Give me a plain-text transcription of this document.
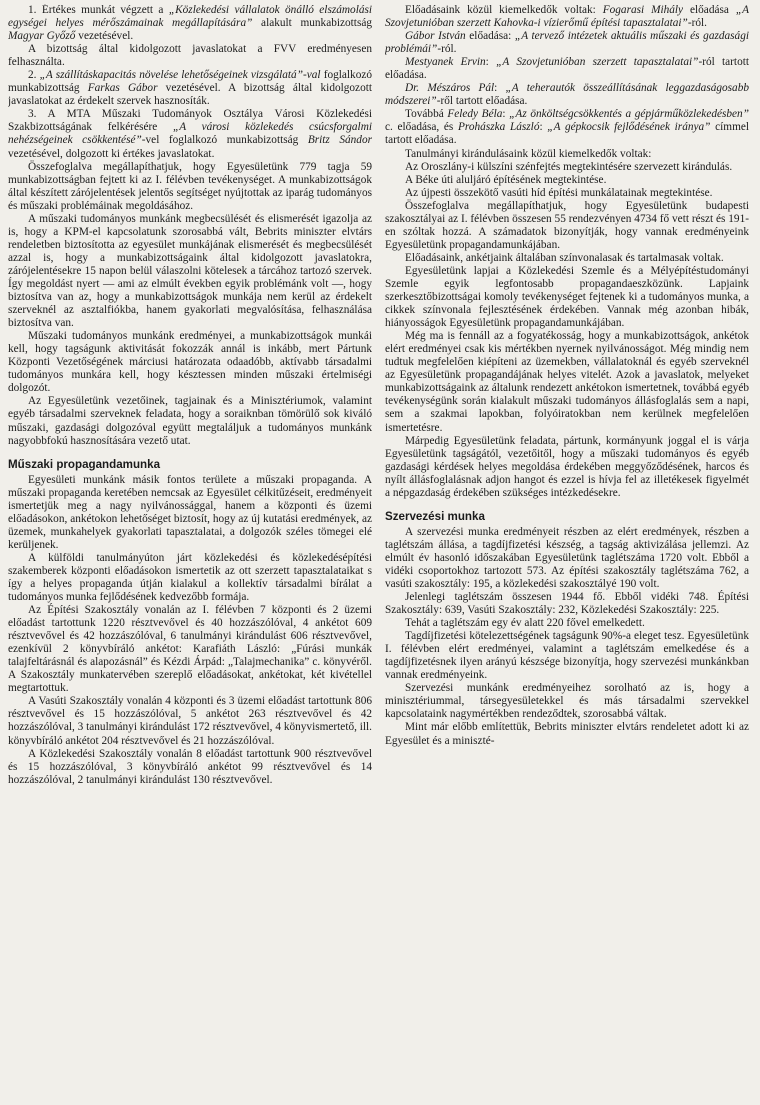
1. Értékes munkát végzett a „Közlekedési vállalatok önálló elszámolási egységei helyes mérőszámainak megállapítására” alakult munkabizottság Magyar Győző vezetésével.

A bizottság által kidolgozott javaslatokat a FVV eredményesen felhasználta.

2. „A szállításkapacitás növelése lehetőségeinek vizsgálatá”-val foglalkozó munkabizottság Farkas Gábor vezetésével. A bizottság által kidolgozott javaslatokat az érdekelt szervek hasznosíták.

3. A MTA Műszaki Tudományok Osztálya Városi Közlekedési Szakbizottságának felkérésére „A városi közlekedés csúcsforgalmi nehézségeinek csökkentésé”-vel foglalkozó munkabizottság Britz Sándor vezetésével, dolgozott ki értékes javaslatokat.

Összefoglalva megállapíthatjuk, hogy Egyesületünk 779 tagja 59 munkabizottságban fejtett ki az I. félévben tevékenységet. A munkabizottságok által készített zárójelentések jelentős segítséget nyújtottak az iparág tudományos és műszaki problémáinak megoldásához.

A műszaki tudományos munkánk megbecsülését és elismerését igazolja az is, hogy a KPM-el kapcsolatunk szorosabbá vált, Bebrits miniszter elvtárs rendeletben biztosította az egyesület munkájának elismerését és megbecsülését azzal is, hogy a munkabizottságaink által kidolgozott javaslatokra, zárójelentésekre 15 napon belül válaszolni kötelesek a tárcához tartozó szervek. Így megoldást nyert — ami az elmúlt években egyik problémánk volt —, hogy biztosítva van az, hogy a munkabizottságok munkája nem kerül az érdekelt szerveknél az asztalfiókba, hanem gyakorlati megvalósítása, felhasználása biztosítva van.

Műszaki tudományos munkánk eredményei, a munkabizottságok munkái kell, hogy tagságunk aktivitását fokozzák annál is inkább, mert Pártunk Központi Vezetőségének márciusi határozata odaadóbb, aktívabb társadalmi tudományos munkára kell, hogy késztessen minden műszaki értelmiségi dolgozót.

Az Egyesületünk vezetőinek, tagjainak és a Minisztériumok, valamint egyéb társadalmi szerveknek feladata, hogy a soraiknban tömörülő sok kiváló műszaki, gazdasági dolgozóval együtt megtaláljuk a tudományos munkánk nagyobbfokú hasznosítására vezető utat.

Műszaki propagandamunka

Egyesületi munkánk másik fontos területe a műszaki propaganda. A műszaki propaganda keretében nemcsak az Egyesület célkitűzéseit, eredményeit ismertetjük meg a nagy nyilvánossággal, hanem a központi és üzemi előadásokon, ankétokon lehetőséget biztosít, hogy az új kutatási eredmények, az üzemek, munkahelyek gyakorlati tapasztalatai, a dolgozók széles tömegei elé kerüljenek.

A külföldi tanulmányúton járt közlekedési és közlekedésépítési szakemberek központi előadásokon ismertetik az ott szerzett tapasztalataikat s így a helyes propaganda útján kialakul a kollektív társadalmi bírálat a tudományos munka fejlődésének kedvezőbb formája.

Az Építési Szakosztály vonalán az I. félévben 7 központi és 2 üzemi előadást tartottunk 1220 résztvevővel és 40 hozzászólóval, 4 ankétot 609 résztvevővel és 42 hozzászólóval, 6 tanulmányi kirándulást 606 résztvevővel, ezenkívül 2 könyvbíráló ankétot: Karafiáth László: „Fúrási munkák talajfeltárásnál és alapozásnál” és Kézdi Árpád: „Talajmechanika” c. könyvéről. A Szakosztály munkatervében szereplő előadásokat, ankétokat, két kivétellel megtartottuk.

A Vasúti Szakosztály vonalán 4 központi és 3 üzemi előadást tartottunk 806 résztvevővel és 15 hozzászólóval, 5 ankétot 263 résztvevővel és 42 hozzászólóval, 3 tanulmányi kirándulást 172 résztvevővel, 4 könyvismertető, ill. könyvbíráló ankétot 204 résztvevővel és 21 hozzászólóval.

A Közlekedési Szakosztály vonalán 8 előadást tartottunk 900 résztvevővel és 15 hozzászólóval, 3 könyvbíráló ankétot 99 résztvevővel és 14 hozzászólóval, 2 tanulmányi kirándulást 130 résztvevővel.

Előadásaink közül kiemelkedők voltak: Fogarasi Mihály előadása „A Szovjetunióban szerzett Kahovka-i vízierőmű építési tapasztalatai”-ról.

Gábor István előadása: „A tervező intézetek aktuális műszaki és gazdasági problémái”-ról.

Mestyanek Ervin: „A Szovjetunióban szerzett tapasztalatai”-ról tartott előadása.

Dr. Mészáros Pál: „A teherautók összeállításának leggazdaságosabb módszerei”-ről tartott előadása.

Továbbá Feledy Béla: „Az önköltségcsökkentés a gépjárműközlekedésben” c. előadása, és Prohászka László: „A gépkocsik fejlődésének iránya” címmel tartott előadása.

Tanulmányi kirándulásaink közül kiemelkedők voltak:

Az Oroszlány-i külszíni szénfejtés megtekintésére szervezett kirándulás.

A Béke úti aluljáró építésének megtekintése.

Az újpesti összekötő vasúti híd építési munkálatainak megtekintése.

Összefoglalva megállapíthatjuk, hogy Egyesületünk budapesti szakosztályai az I. félévben összesen 55 rendezvényen 4734 fő vett részt és 191-en szóltak hozzá. A számadatok bizonyítják, hogy vannak eredményeink Egyesületünk propagandamunkájában.

Előadásaink, ankétjaink általában színvonalasak és tartalmasak voltak.

Egyesületünk lapjai a Közlekedési Szemle és a Mélyépítéstudományi Szemle egyik legfontosabb propagandaeszközünk. Lapjaink szerkesztőbizottságai komoly tevékenységet fejtenek ki a tudományos munka, a cikkek színvonala fejlesztésének érdekében. Vannak még azonban hibák, hiányosságok Egyesületünk propagandamunkájában.

Még ma is fennáll az a fogyatékosság, hogy a munkabizottságok, ankétok elért eredményei csak kis mértékben nyernek nyilvánosságot. Még mindig nem tudtuk megfelelően kiépíteni az üzemekben, vállalatoknál és egyéb szerveknél az Egyesületünk propagandájának helyes vitelét. Azok a javaslatok, melyeket munkabizottságaink az általunk rendezett ankétokon ismertetnek, továbbá egyéb tevékenységünk során kialakult műszaki tudományos állásfoglalás sem a napi, sem a szakmai lapokban, folyóiratokban nem kerülnek megfelelően ismertetésre.

Márpedig Egyesületünk feladata, pártunk, kormányunk joggal el is várja Egyesületünk tagságától, vezetőitől, hogy a műszaki tudományos és egyéb gazdasági kérdések helyes megoldása érdekében meggyőződésének, harcos és nyílt állásfoglalásnak adjon hangot és ezzel is hívja fel az illetékesek figyelmét a népgazdaság érdekében szükséges intézkedésekre.

Szervezési munka

A szervezési munka eredményeit részben az elért eredmények, részben a taglétszám állása, a tagdíjfizetési készség, a tagság aktivizálása jellemzi. Az elmúlt év hasonló időszakában Egyesületünk taglétszáma 1720 volt. Ebből a vidéki csoportokhoz tartozott 573. Az építési szakosztály taglétszáma 762, a vasúti szakosztály: 195, a közlekedési szakosztályé 190 volt.

Jelenlegi taglétszám összesen 1944 fő. Ebből vidéki 748. Építési Szakosztály: 639, Vasúti Szakosztály: 232, Közlekedési Szakosztály: 225.

Tehát a taglétszám egy év alatt 220 fővel emelkedett.

Tagdíjfizetési kötelezettségének tagságunk 90%-a eleget tesz. Egyesületünk I. félévben elért eredményei, valamint a taglétszám emelkedése és a tagdíjfizetésnek ilyen arányú készsége bizonyítja, hogy szervezési munkánkban vannak eredményeink.

Szervezési munkánk eredményeihez sorolható az is, hogy a minisztériummal, társegyesületekkel és más társadalmi szervekkel kapcsolataink nagymértékben rendeződtek, szorosabbá váltak.

Mint már előbb említettük, Bebrits miniszter elvtárs rendeletet adott ki az Egyesület és a miniszté-
